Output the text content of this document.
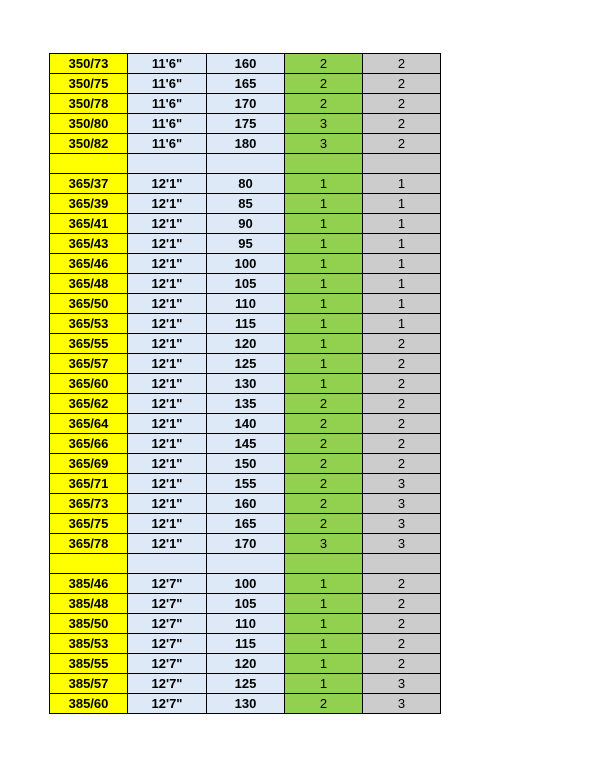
350/73	11'6"	160	2	2
350/75	11'6"	165	2	2
350/78	11'6"	170	2	2
350/80	11'6"	175	3	2
350/82	11'6"	180	3	2

365/37	12'1"	80	1	1
365/39	12'1"	85	1	1
365/41	12'1"	90	1	1
365/43	12'1"	95	1	1
365/46	12'1"	100	1	1
365/48	12'1"	105	1	1
365/50	12'1"	110	1	1
365/53	12'1"	115	1	1
365/55	12'1"	120	1	2
365/57	12'1"	125	1	2
365/60	12'1"	130	1	2
365/62	12'1"	135	2	2
365/64	12'1"	140	2	2
365/66	12'1"	145	2	2
365/69	12'1"	150	2	2
365/71	12'1"	155	2	3
365/73	12'1"	160	2	3
365/75	12'1"	165	2	3
365/78	12'1"	170	3	3

385/46	12'7"	100	1	2
385/48	12'7"	105	1	2
385/50	12'7"	110	1	2
385/53	12'7"	115	1	2
385/55	12'7"	120	1	2
385/57	12'7"	125	1	3
385/60	12'7"	130	2	3
